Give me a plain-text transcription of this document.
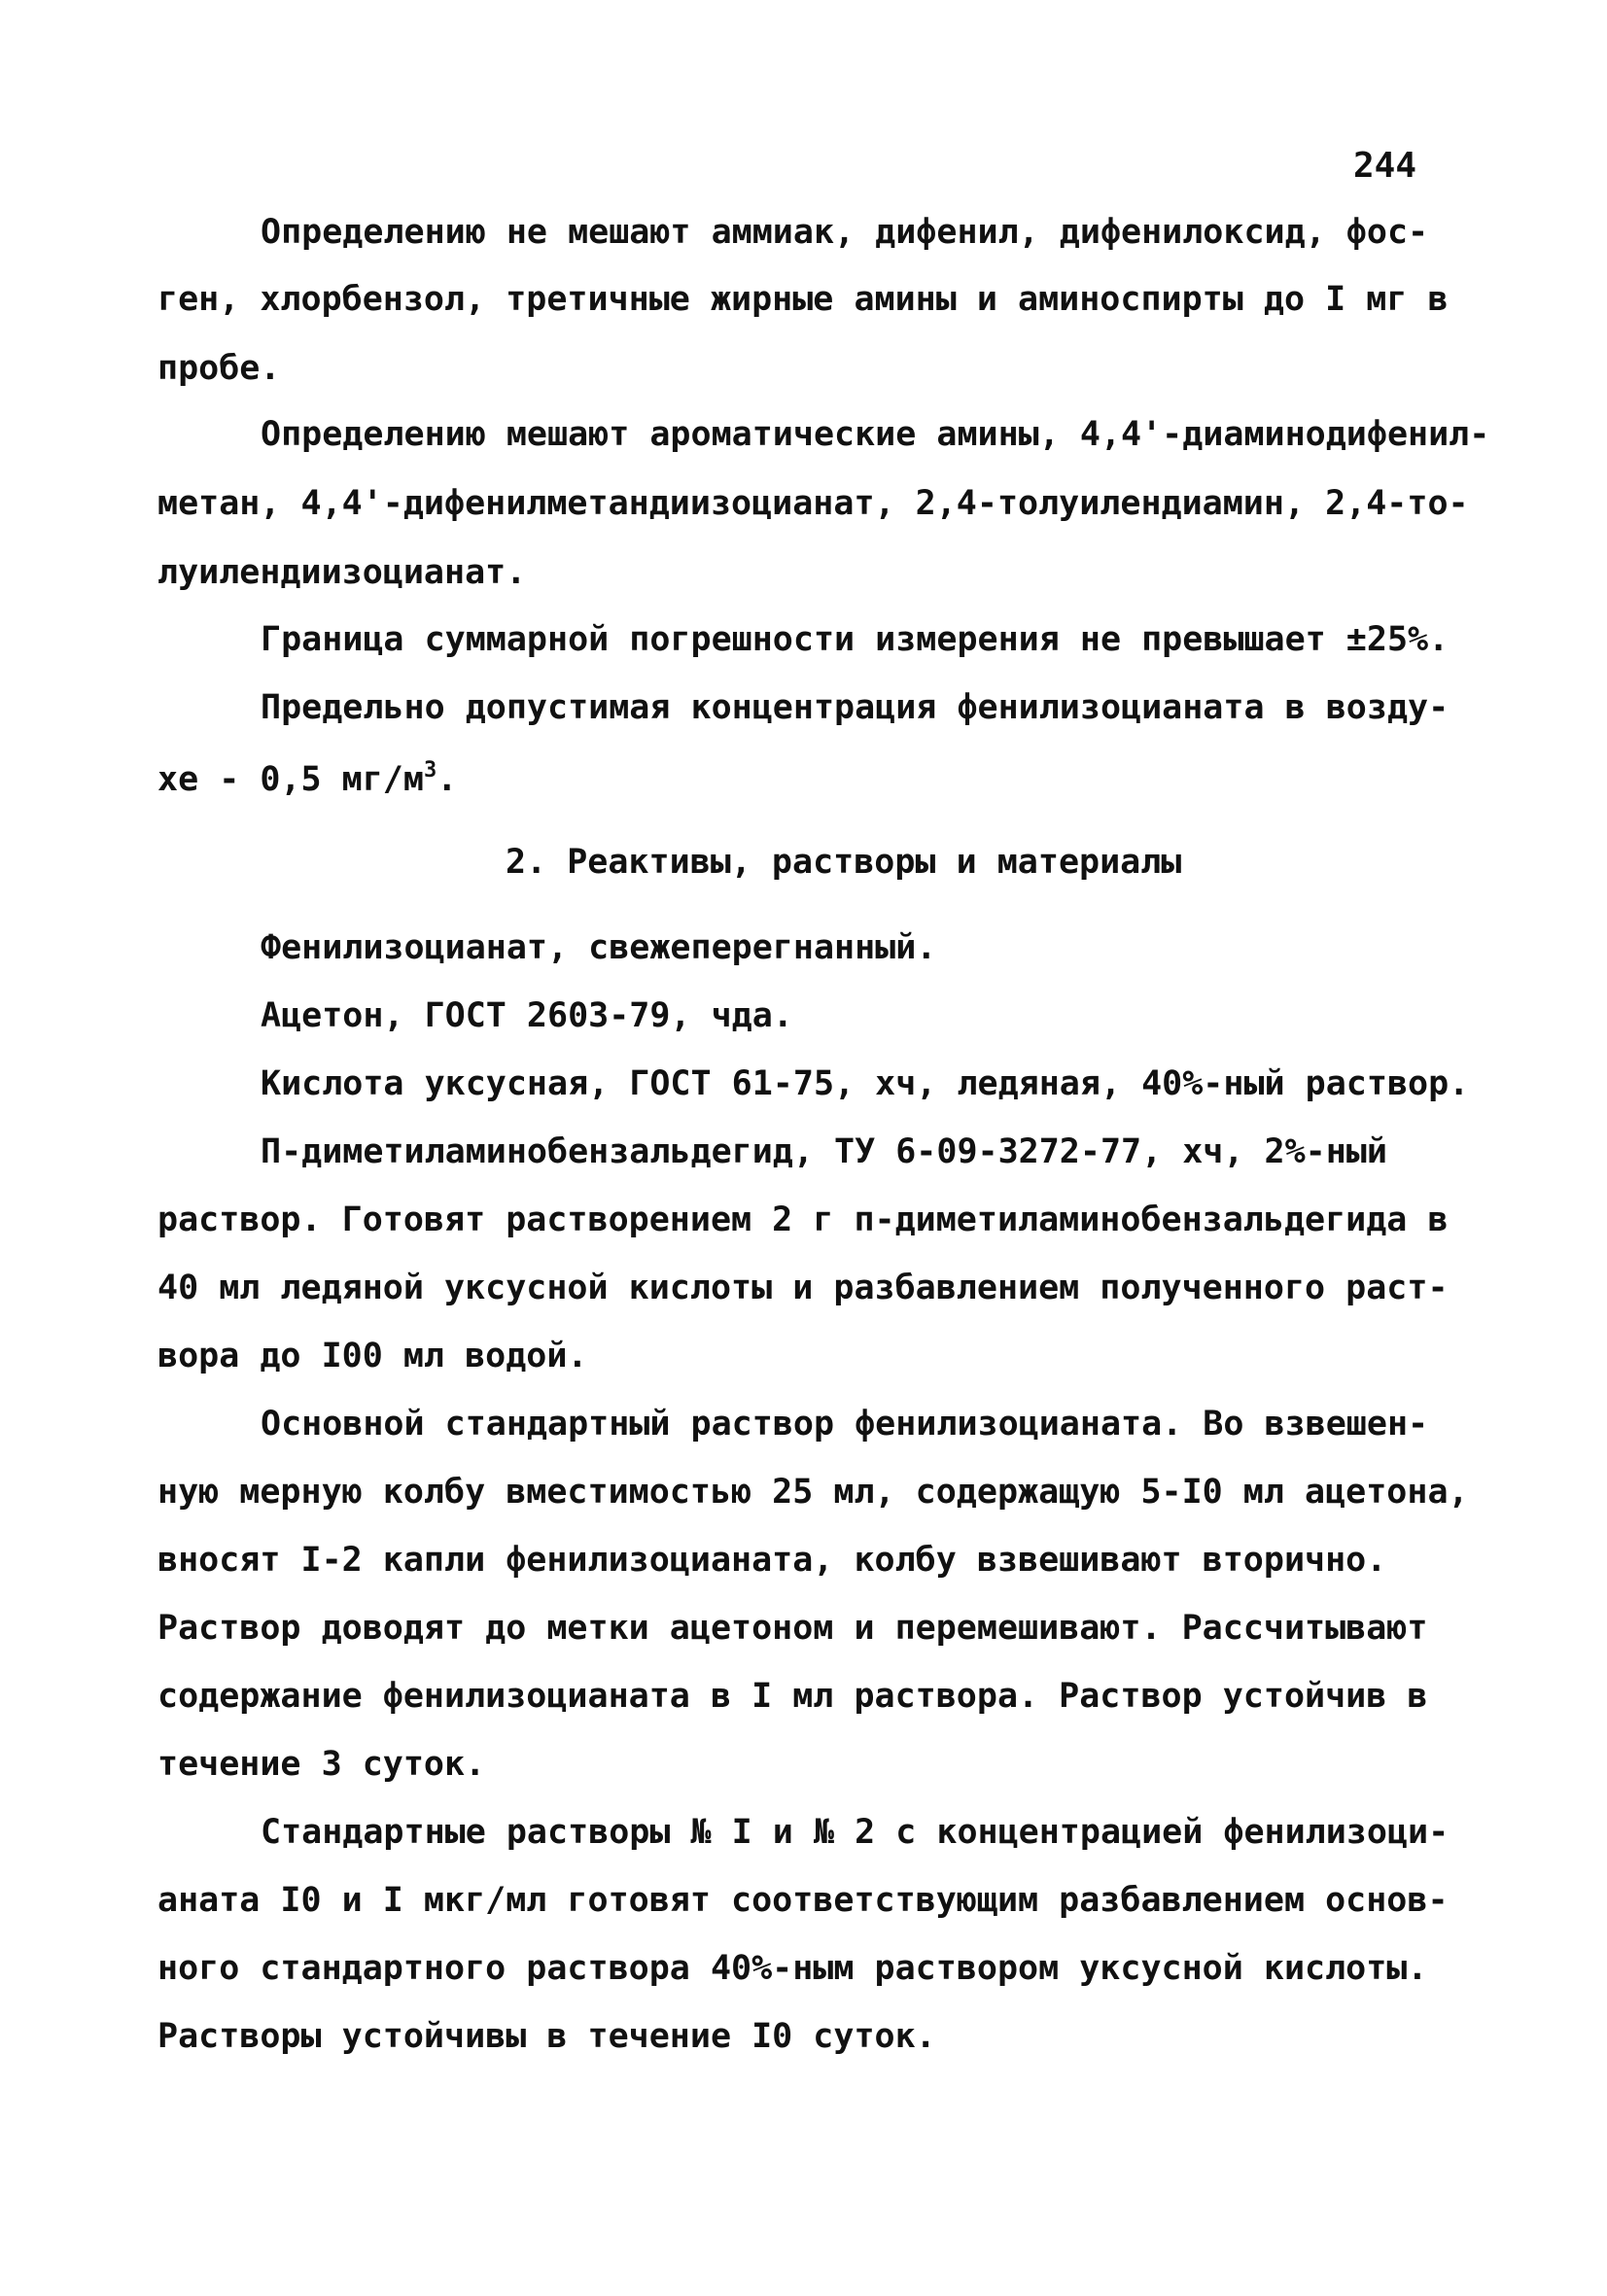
244
Определению не мешают аммиак, дифенил, дифенилоксид, фос-
ген, хлорбензол, третичные жирные амины и аминоспирты до I мг в
пробе.
Определению мешают ароматические амины, 4,4'-диаминодифенил-
метан, 4,4'-дифенилметандиизоцианат, 2,4-толуилендиамин, 2,4-то-
луилендиизоцианат.
Граница суммарной погрешности измерения не превышает ±25%.
Предельно допустимая концентрация фенилизоцианата в возду-
хе - 0,5 $мг/м^3$.
2. Реактивы, растворы и материалы
Фенилизоцианат, свежеперегнанный.
Ацетон, ГОСТ 2603-79, чда.
Кислота уксусная, ГОСТ 61-75, хч, ледяная, 40%-ный раствор.
П-диметиламинобензальдегид, ТУ 6-09-3272-77, хч, 2%-ный
раствор. Готовят растворением 2 г п-диметиламинобензальдегида в
40 мл ледяной уксусной кислоты и разбавлением полученного раст-
вора до I00 мл водой.
Основной стандартный раствор фенилизоцианата. Во взвешен-
ную мерную колбу вместимостью 25 мл, содержащую 5-I0 мл ацетона,
вносят I-2 капли фенилизоцианата, колбу взвешивают вторично.
Раствор доводят до метки ацетоном и перемешивают. Рассчитывают
содержание фенилизоцианата в I мл раствора. Раствор устойчив в
течение 3 суток.
Стандартные растворы № I и № 2 с концентрацией фенилизоци-
аната I0 и I мкг/мл готовят соответствующим разбавлением основ-
ного стандартного раствора 40%-ным раствором уксусной кислоты.
Растворы устойчивы в течение I0 суток.
